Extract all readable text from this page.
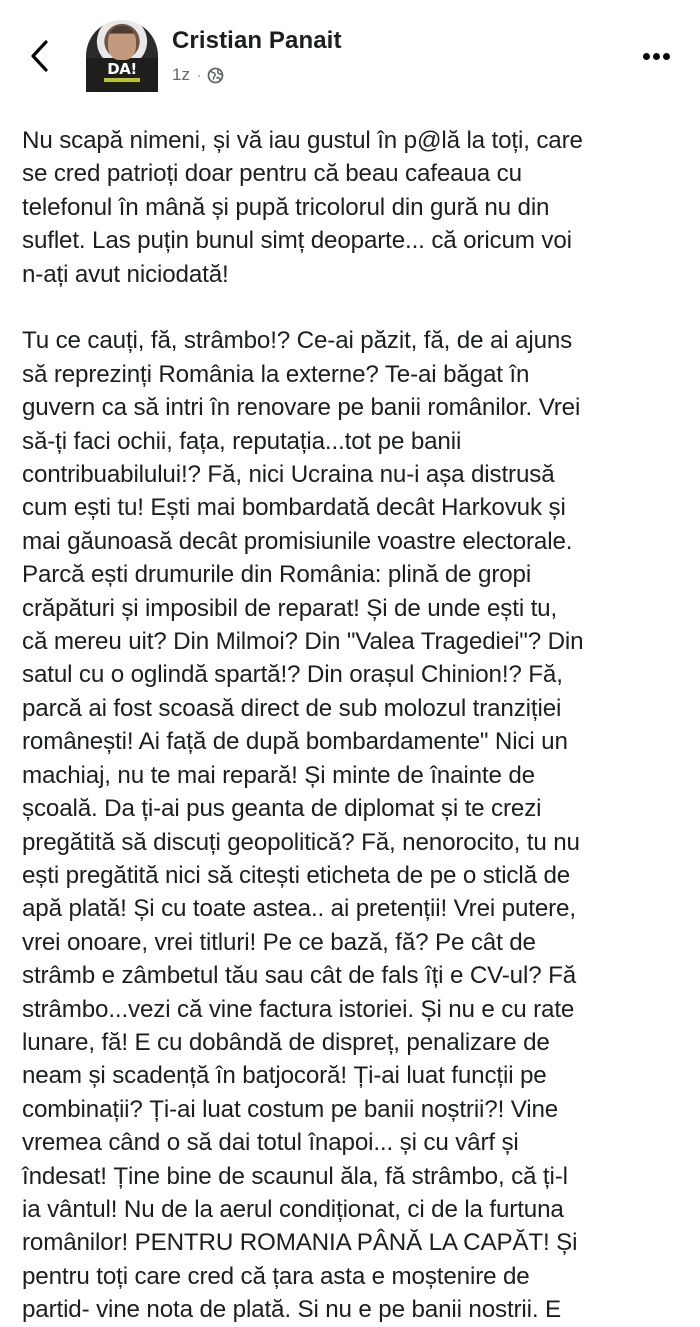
DA!
Cristian Panait
1z ·

Nu scapă nimeni, și vă iau gustul în p@lă la toți, care
se cred patrioți doar pentru că beau cafeaua cu
telefonul în mână și pupă tricolorul din gură nu din
suflet. Las puțin bunul simț deoparte... că oricum voi
n-ați avut niciodată!

Tu ce cauți, fă, strâmbo!? Ce-ai păzit, fă, de ai ajuns
să reprezinți România la externe? Te-ai băgat în
guvern ca să intri în renovare pe banii românilor. Vrei
să-ți faci ochii, fața, reputația...tot pe banii
contribuabilului!? Fă, nici Ucraina nu-i așa distrusă
cum ești tu! Ești mai bombardată decât Harkovuk și
mai găunoasă decât promisiunile voastre electorale.
Parcă ești drumurile din România: plină de gropi
crăpături și imposibil de reparat! Și de unde ești tu,
că mereu uit? Din Milmoi? Din "Valea Tragediei"? Din
satul cu o oglindă spartă!? Din orașul Chinion!? Fă,
parcă ai fost scoasă direct de sub molozul tranziției
românești! Ai față de după bombardamente" Nici un
machiaj, nu te mai repară! Și minte de înainte de
școală. Da ți-ai pus geanta de diplomat și te crezi
pregătită să discuți geopolitică? Fă, nenorocito, tu nu
ești pregătită nici să citești eticheta de pe o sticlă de
apă plată! Și cu toate astea.. ai pretenții! Vrei putere,
vrei onoare, vrei titluri! Pe ce bază, fă? Pe cât de
strâmb e zâmbetul tău sau cât de fals îți e CV-ul? Fă
strâmbo...vezi că vine factura istoriei. Și nu e cu rate
lunare, fă! E cu dobândă de dispreț, penalizare de
neam și scadență în batjocoră! Ți-ai luat funcții pe
combinații? Ți-ai luat costum pe banii noștrii?! Vine
vremea când o să dai totul înapoi... și cu vârf și
îndesat! Ține bine de scaunul ăla, fă strâmbo, că ți-l
ia vântul! Nu de la aerul condiționat, ci de la furtuna
românilor! PENTRU ROMANIA PÂNĂ LA CAPĂT! Și
pentru toți care cred că țara asta e moștenire de
partid- vine nota de plată. Si nu e pe banii nostrii. E
